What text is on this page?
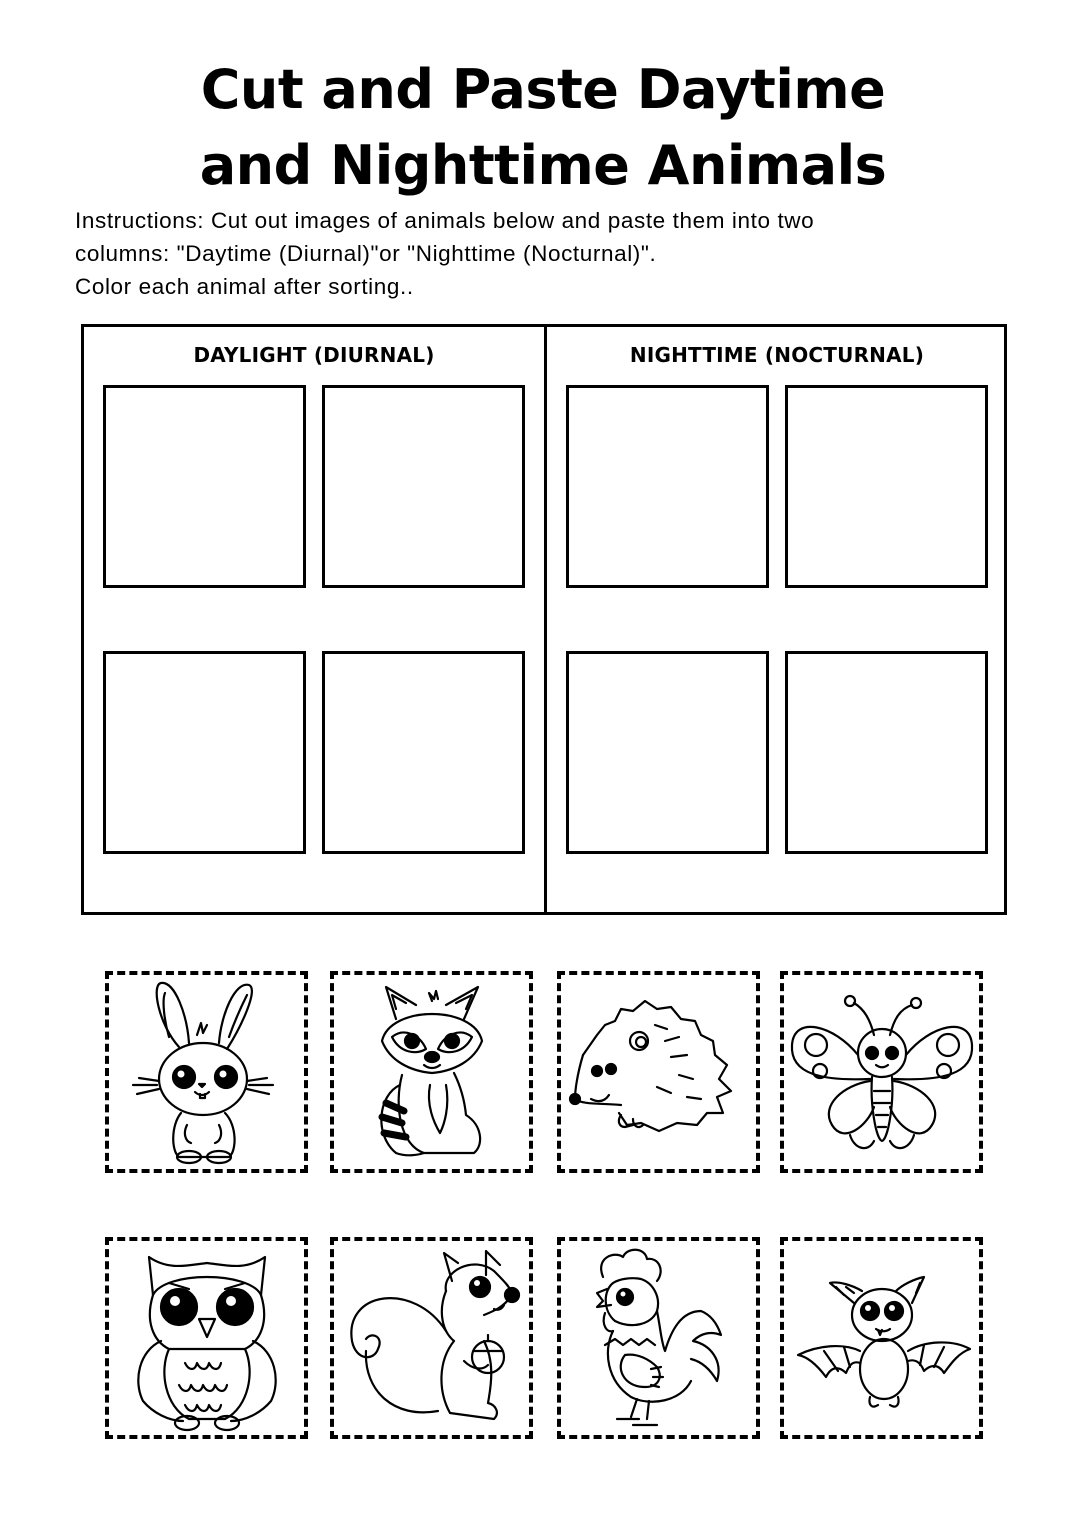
Cut and Paste Daytime
and Nighttime Animals

Instructions: Cut out images of animals below and paste them into two
columns: "Daytime (Diurnal)"or "Nighttime (Nocturnal)".
Color each animal after sorting..

DAYLIGHT (DIURNAL)	NIGHTTIME (NOCTURNAL)
